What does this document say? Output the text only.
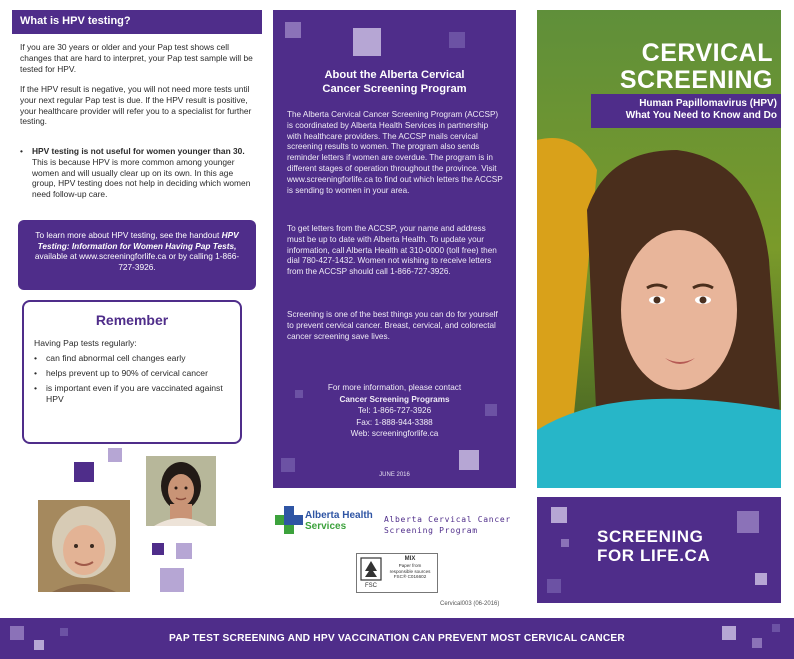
What is HPV testing?

If you are 30 years or older and your Pap test shows cell changes that are hard to interpret, your Pap test sample will be tested for HPV.

If the HPV result is negative, you will not need more tests until your next regular Pap test is due. If the HPV result is positive, your healthcare provider will refer you to a specialist for further testing.

• HPV testing is not useful for women younger than 30. This is because HPV is more common among younger women and will usually clear up on its own. In this age group, HPV testing does not help in deciding which women need follow-up care.
To learn more about HPV testing, see the handout HPV Testing: Information for Women Having Pap Tests, available at www.screeningforlife.ca or by calling 1-866-727-3926.
Remember
Having Pap tests regularly:
• can find abnormal cell changes early
• helps prevent up to 90% of cervical cancer
• is important even if you are vaccinated against HPV
About the Alberta Cervical
Cancer Screening Program

The Alberta Cervical Cancer Screening Program (ACCSP) is coordinated by Alberta Health Services in partnership with healthcare providers. The ACCSP mails cervical screening results to women. The program also sends reminder letters if women are overdue. The program is in different stages of operation throughout the province. Visit www.screeningforlife.ca to find out which letters the ACCSP is sending to women in your area.

To get letters from the ACCSP, your name and address must be up to date with Alberta Health. To update your information, call Alberta Health at 310-0000 (toll free) then dial 780-427-1432. Women not wishing to receive letters from the ACCSP should call 1-866-727-3926.

Screening is one of the best things you can do for yourself to prevent cervical cancer. Breast, cervical, and colorectal cancer screening save lives.

For more information, please contact
Cancer Screening Programs
Tel: 1-866-727-3926
Fax: 1-888-944-3388
Web: screeningforlife.ca
JUNE 2016
Alberta Health
Services
Alberta Cervical Cancer
Screening Program
FSC
MIX
Paper from
responsible sources
FSC® C016602
Cervical003 (06-2016)
CERVICAL
SCREENING
Human Papillomavirus (HPV)
What You Need to Know and Do
SCREENING
FOR LIFE.CA
PAP TEST SCREENING AND HPV VACCINATION CAN PREVENT MOST CERVICAL CANCER
